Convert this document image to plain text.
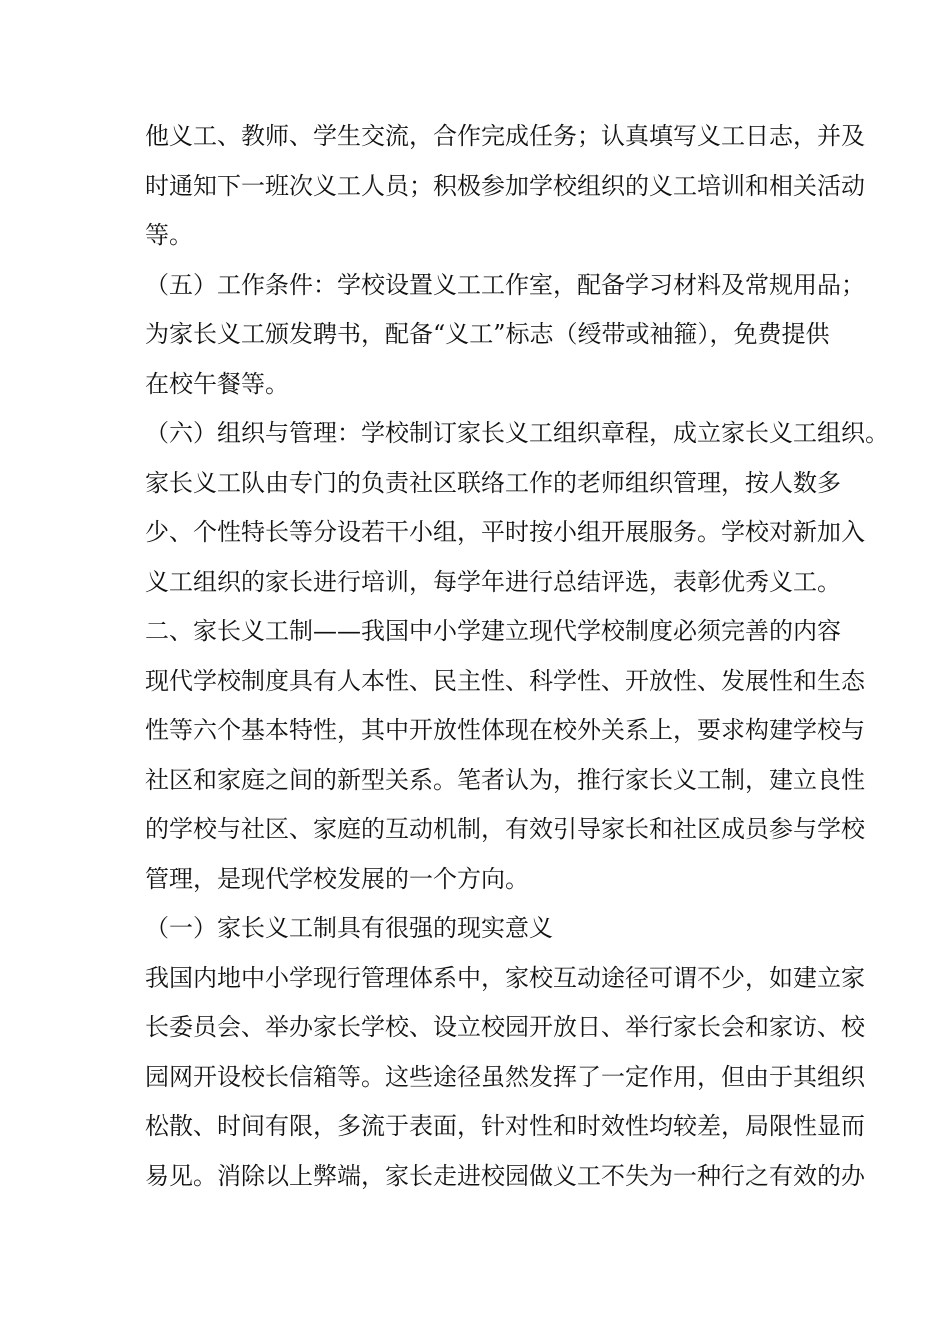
他义工、教师、学生交流，合作完成任务；认真填写义工日志，并及
时通知下一班次义工人员；积极参加学校组织的义工培训和相关活动
等。
（五）工作条件：学校设置义工工作室，配备学习材料及常规用品；
为家长义工颁发聘书，配备“义工”标志（绶带或袖箍），免费提供
在校午餐等。
（六）组织与管理：学校制订家长义工组织章程，成立家长义工组织。
家长义工队由专门的负责社区联络工作的老师组织管理，按人数多
少、个性特长等分设若干小组，平时按小组开展服务。学校对新加入
义工组织的家长进行培训，每学年进行总结评选，表彰优秀义工。
二、家长义工制——我国中小学建立现代学校制度必须完善的内容
现代学校制度具有人本性、民主性、科学性、开放性、发展性和生态
性等六个基本特性，其中开放性体现在校外关系上，要求构建学校与
社区和家庭之间的新型关系。笔者认为，推行家长义工制，建立良性
的学校与社区、家庭的互动机制，有效引导家长和社区成员参与学校
管理，是现代学校发展的一个方向。
（一）家长义工制具有很强的现实意义
我国内地中小学现行管理体系中，家校互动途径可谓不少，如建立家
长委员会、举办家长学校、设立校园开放日、举行家长会和家访、校
园网开设校长信箱等。这些途径虽然发挥了一定作用，但由于其组织
松散、时间有限，多流于表面，针对性和时效性均较差，局限性显而
易见。消除以上弊端，家长走进校园做义工不失为一种行之有效的办
